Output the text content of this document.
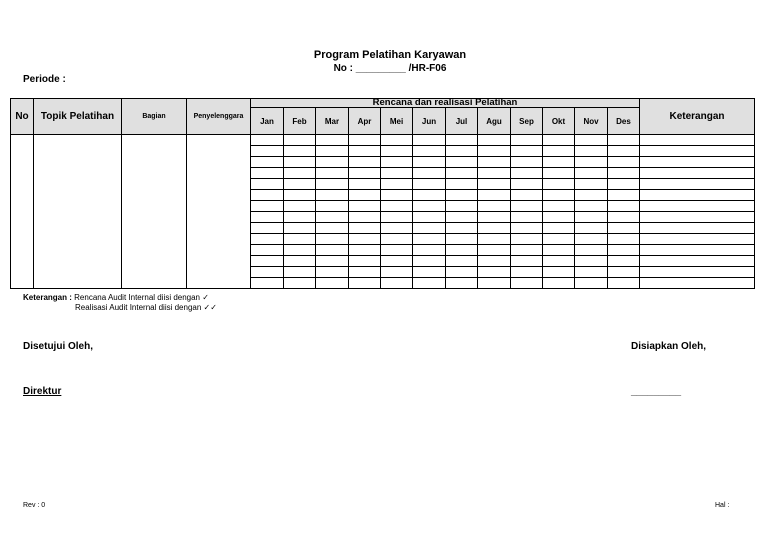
Program Pelatihan Karyawan
No : _________ /HR-F06
Periode :
No	Topik Pelatihan	Bagian	Penyelenggara	Rencana dan realisasi Pelatihan												Keterangan
				Jan	Feb	Mar	Apr	Mei	Jun	Jul	Agu	Sep	Okt	Nov	Des	

Keterangan : Rencana Audit Internal diisi dengan ✓
Realisasi Audit Internal diisi dengan ✓✓
Disetujui Oleh,
Direktur
Disiapkan Oleh,
_________
Rev : 0	Hal :
